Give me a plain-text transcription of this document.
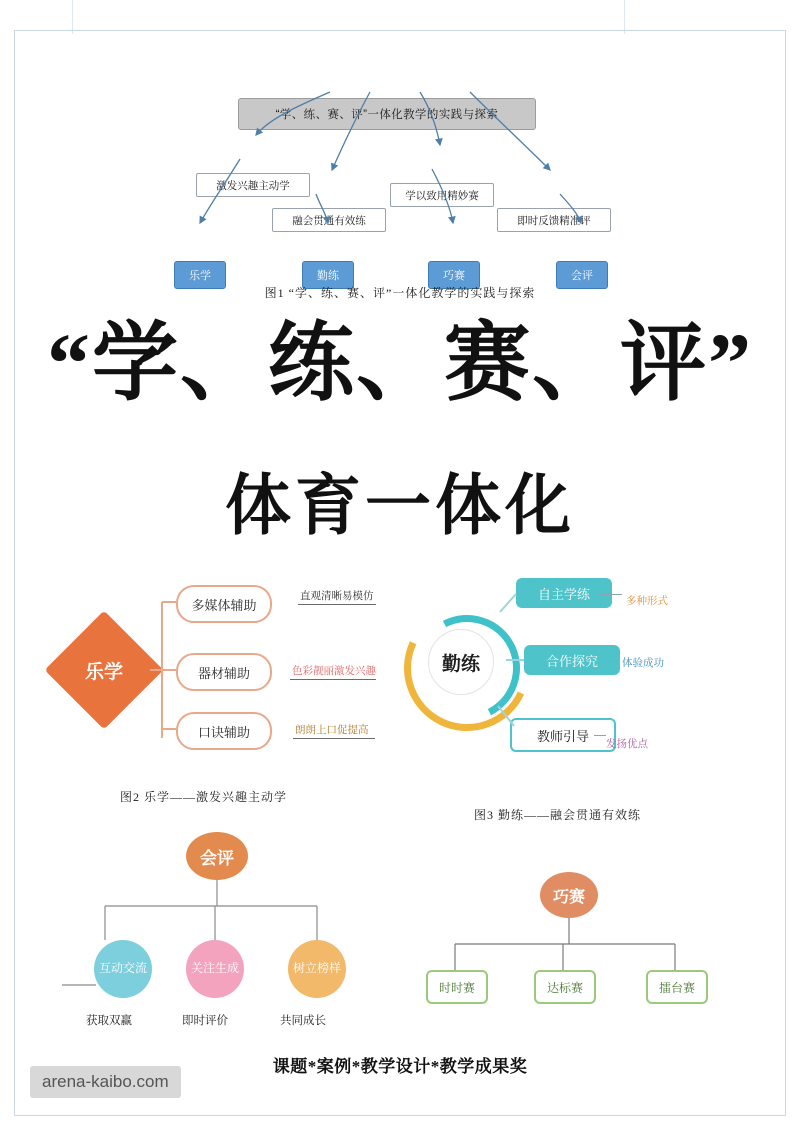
“学、练、赛、评”一体化教学的实践与探索
激发兴趣主动学
融会贯通有效练
学以致用精妙赛
即时反馈精准评
乐学	勤练	巧赛	会评
图1 “学、练、赛、评”一体化教学的实践与探索
“学、练、赛、评”
体育一体化
乐学
多媒体辅助
器材辅助
口诀辅助
直观清晰易模仿
色彩靓丽激发兴趣
朗朗上口促提高
图2 乐学——激发兴趣主动学
勤练
自主学练
合作探究
教师引导
多种形式
体验成功
发扬优点
图3 勤练——融会贯通有效练
会评
互动交流	关注生成	树立榜样
获取双赢	即时评价	共同成长
巧赛
时时赛	达标赛	擂台赛
课题*案例*教学设计*教学成果奖
arena-kaibo.com
